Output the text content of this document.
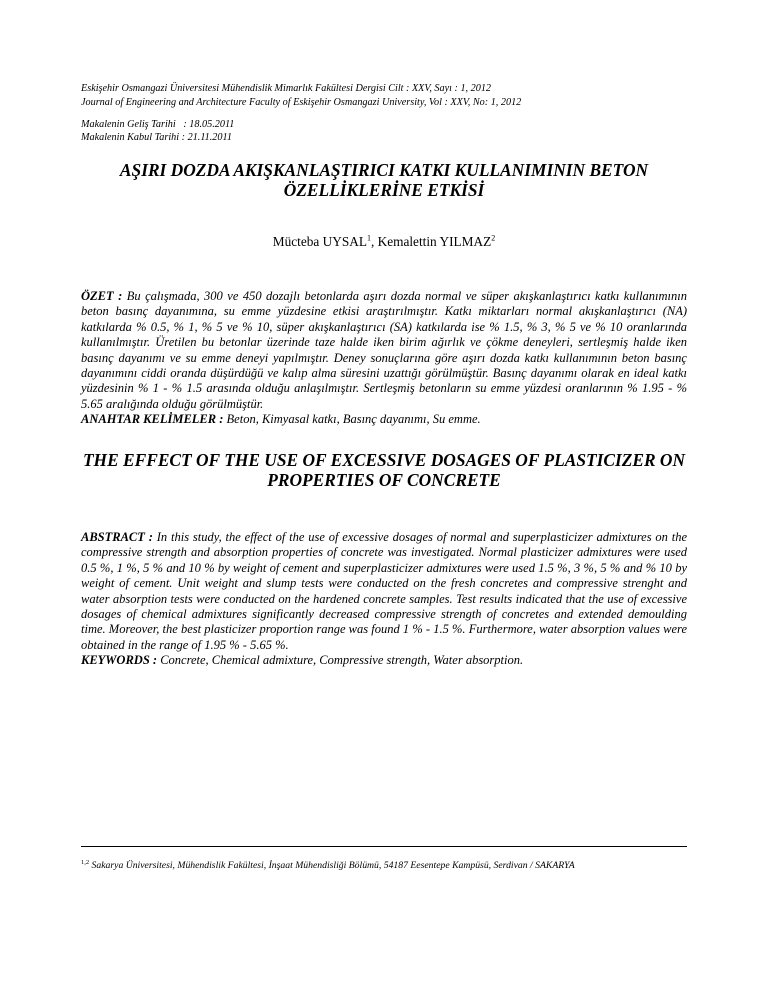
Eskişehir Osmangazi Üniversitesi Mühendislik Mimarlık Fakültesi Dergisi Cilt : XXV, Sayı : 1, 2012
Journal of Engineering and Architecture Faculty of Eskişehir Osmangazi University, Vol : XXV, No: 1, 2012
Makalenin Geliş Tarihi   : 18.05.2011
Makalenin Kabul Tarihi : 21.11.2011
AŞIRI DOZDA AKIŞKANLAŞTIRICI KATKI KULLANIMININ BETON ÖZELLİKLERİNE ETKİSİ
Mücteba UYSAL$^1$, Kemalettin YILMAZ$^2$
ÖZET : Bu çalışmada, 300 ve 450 dozajlı betonlarda aşırı dozda normal ve süper akışkanlaştırıcı katkı kullanımının beton basınç dayanımına, su emme yüzdesine etkisi araştırılmıştır. Katkı miktarları normal akışkanlaştırıcı (NA) katkılarda % 0.5, % 1, % 5 ve % 10, süper akışkanlaştırıcı (SA) katkılarda ise % 1.5, % 3, % 5 ve % 10 oranlarında kullanılmıştır. Üretilen bu betonlar üzerinde taze halde iken birim ağırlık ve çökme deneyleri, sertleşmiş halde iken basınç dayanımı ve su emme deneyi yapılmıştır. Deney sonuçlarına göre aşırı dozda katkı kullanımının beton basınç dayanımını ciddi oranda düşürdüğü ve kalıp alma süresini uzattığı görülmüştür. Basınç dayanımı olarak en ideal katkı yüzdesinin % 1 - % 1.5 arasında olduğu anlaşılmıştır. Sertleşmiş betonların su emme yüzdesi oranlarının % 1.95 - % 5.65 aralığında olduğu görülmüştür.
ANAHTAR KELİMELER : Beton, Kimyasal katkı, Basınç dayanımı, Su emme.
THE EFFECT OF THE USE OF EXCESSIVE DOSAGES OF PLASTICIZER ON PROPERTIES OF CONCRETE
ABSTRACT : In this study, the effect of the use of excessive dosages of normal and superplasticizer admixtures on the compressive strength and absorption properties of concrete was investigated. Normal plasticizer admixtures were used 0.5 %, 1 %, 5 % and 10 % by weight of cement and superplasticizer admixtures were used 1.5 %, 3 %, 5 % and % 10 by weight of cement. Unit weight and slump tests were conducted on the fresh concretes and compressive strenght and water absorption tests were conducted on the hardened concrete samples. Test results indicated that the use of excessive dosages of chemical admixtures significantly decreased compressive strength of concretes and extended demoulding time. Moreover, the best plasticizer proportion range was found 1 % - 1.5 %. Furthermore, water absorption values were obtained in the range of 1.95 % - 5.65 %.
KEYWORDS : Concrete, Chemical admixture, Compressive strength, Water absorption.
$^{1,2}$ Sakarya Üniversitesi, Mühendislik Fakültesi, İnşaat Mühendisliği Bölümü, 54187 Eesentepe Kampüsü, Serdivan / SAKARYA
